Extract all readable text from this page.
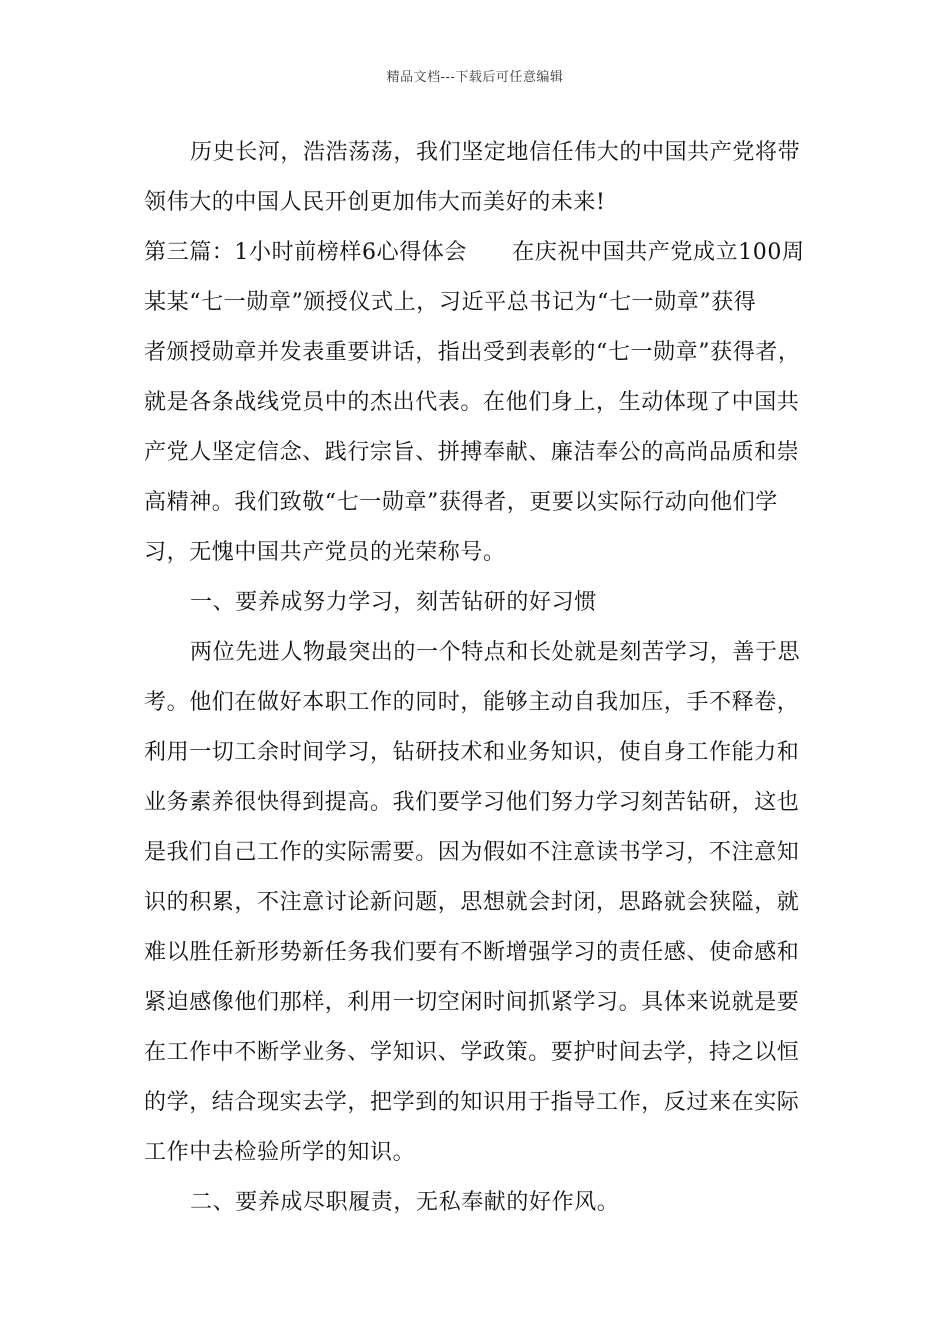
精品文档---下载后可任意编辑
历史长河，浩浩荡荡，我们坚定地信任伟大的中国共产党将带
领伟大的中国人民开创更加伟大而美好的未来!
第三篇：1小时前榜样6心得体会　　在庆祝中国共产党成立100周
某某“七一勋章”颁授仪式上，习近平总书记为“七一勋章”获得
者颁授勋章并发表重要讲话，指出受到表彰的“七一勋章”获得者，
就是各条战线党员中的杰出代表。在他们身上，生动体现了中国共
产党人坚定信念、践行宗旨、拼搏奉献、廉洁奉公的高尚品质和崇
高精神。我们致敬“七一勋章”获得者，更要以实际行动向他们学
习，无愧中国共产党员的光荣称号。
一、要养成努力学习，刻苦钻研的好习惯
两位先进人物最突出的一个特点和长处就是刻苦学习，善于思
考。他们在做好本职工作的同时，能够主动自我加压，手不释卷，
利用一切工余时间学习，钻研技术和业务知识，使自身工作能力和
业务素养很快得到提高。我们要学习他们努力学习刻苦钻研，这也
是我们自己工作的实际需要。因为假如不注意读书学习，不注意知
识的积累，不注意讨论新问题，思想就会封闭，思路就会狭隘，就
难以胜任新形势新任务我们要有不断增强学习的责任感、使命感和
紧迫感像他们那样，利用一切空闲时间抓紧学习。具体来说就是要
在工作中不断学业务、学知识、学政策。要护时间去学，持之以恒
的学，结合现实去学，把学到的知识用于指导工作，反过来在实际
工作中去检验所学的知识。
二、要养成尽职履责，无私奉献的好作风。
